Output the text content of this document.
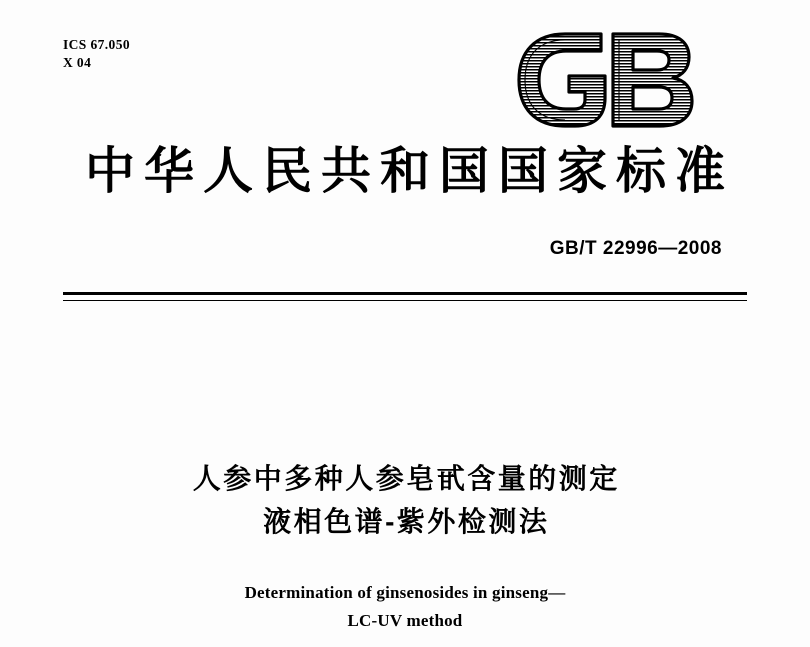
ICS 67.050
X 04
中华人民共和国国家标准
GB/T 22996—2008
人参中多种人参皂甙含量的测定
液相色谱-紫外检测法
Determination of ginsenosides in ginseng—
LC-UV method
